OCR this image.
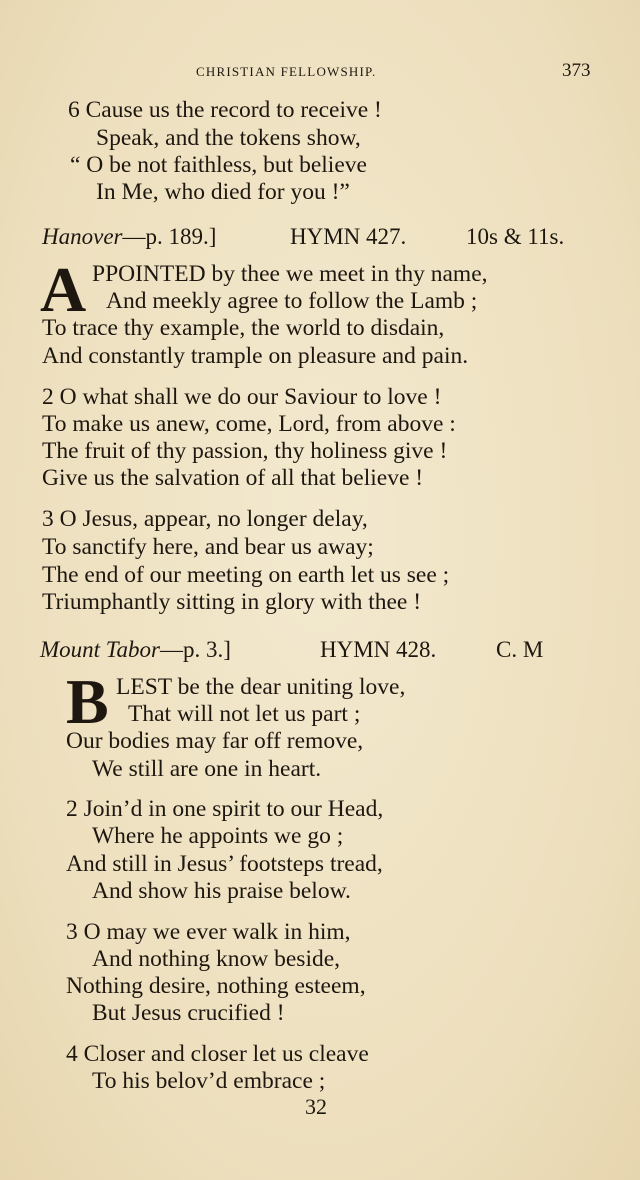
CHRISTIAN FELLOWSHIP.	373
6 Cause us the record to receive !
Speak, and the tokens show,
“ O be not faithless, but believe
In Me, who died for you !”
Hanover—p. 189.]	HYMN 427.	10s & 11s.
A PPOINTED by thee we meet in thy name,
And meekly agree to follow the Lamb ;
To trace thy example, the world to disdain,
And constantly trample on pleasure and pain.
2 O what shall we do our Saviour to love !
To make us anew, come, Lord, from above :
The fruit of thy passion, thy holiness give !
Give us the salvation of all that believe !
3 O Jesus, appear, no longer delay,
To sanctify here, and bear us away;
The end of our meeting on earth let us see ;
Triumphantly sitting in glory with thee !
Mount Tabor—p. 3.]	HYMN 428.	C. M
B LEST be the dear uniting love,
That will not let us part ;
Our bodies may far off remove,
We still are one in heart.
2 Join’d in one spirit to our Head,
Where he appoints we go ;
And still in Jesus’ footsteps tread,
And show his praise below.
3 O may we ever walk in him,
And nothing know beside,
Nothing desire, nothing esteem,
But Jesus crucified !
4 Closer and closer let us cleave
To his belov’d embrace ;
32
